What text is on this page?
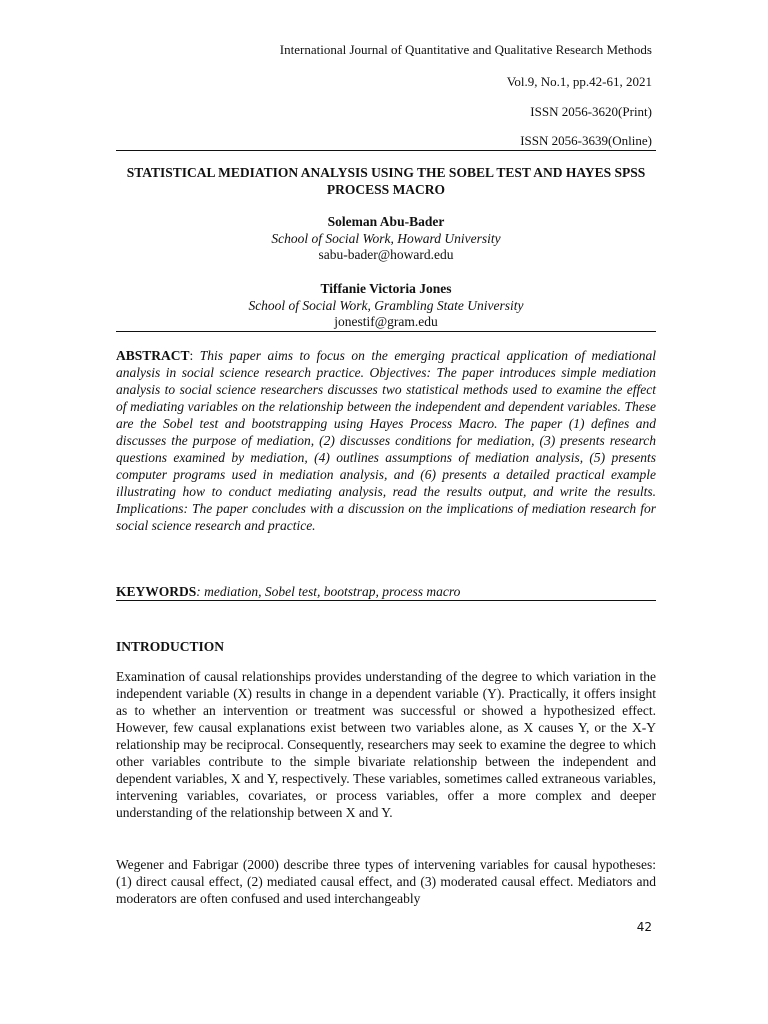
International Journal of Quantitative and Qualitative Research Methods
Vol.9, No.1, pp.42-61, 2021
ISSN 2056-3620(Print)
ISSN 2056-3639(Online)
STATISTICAL MEDIATION ANALYSIS USING THE SOBEL TEST AND HAYES SPSS PROCESS MACRO
Soleman Abu-Bader
School of Social Work, Howard University
sabu-bader@howard.edu
Tiffanie Victoria Jones
School of Social Work, Grambling State University
jonestif@gram.edu
ABSTRACT: This paper aims to focus on the emerging practical application of mediational analysis in social science research practice. Objectives: The paper introduces simple mediation analysis to social science researchers discusses two statistical methods used to examine the effect of mediating variables on the relationship between the independent and dependent variables. These are the Sobel test and bootstrapping using Hayes Process Macro. The paper (1) defines and discusses the purpose of mediation, (2) discusses conditions for mediation, (3) presents research questions examined by mediation, (4) outlines assumptions of mediation analysis, (5) presents computer programs used in mediation analysis, and (6) presents a detailed practical example illustrating how to conduct mediating analysis, read the results output, and write the results. Implications: The paper concludes with a discussion on the implications of mediation research for social science research and practice.
KEYWORDS: mediation, Sobel test, bootstrap, process macro
INTRODUCTION
Examination of causal relationships provides understanding of the degree to which variation in the independent variable (X) results in change in a dependent variable (Y). Practically, it offers insight as to whether an intervention or treatment was successful or showed a hypothesized effect. However, few causal explanations exist between two variables alone, as X causes Y, or the X-Y relationship may be reciprocal. Consequently, researchers may seek to examine the degree to which other variables contribute to the simple bivariate relationship between the independent and dependent variables, X and Y, respectively. These variables, sometimes called extraneous variables, intervening variables, covariates, or process variables, offer a more complex and deeper understanding of the relationship between X and Y.
Wegener and Fabrigar (2000) describe three types of intervening variables for causal hypotheses: (1) direct causal effect, (2) mediated causal effect, and (3) moderated causal effect. Mediators and moderators are often confused and used interchangeably
42
